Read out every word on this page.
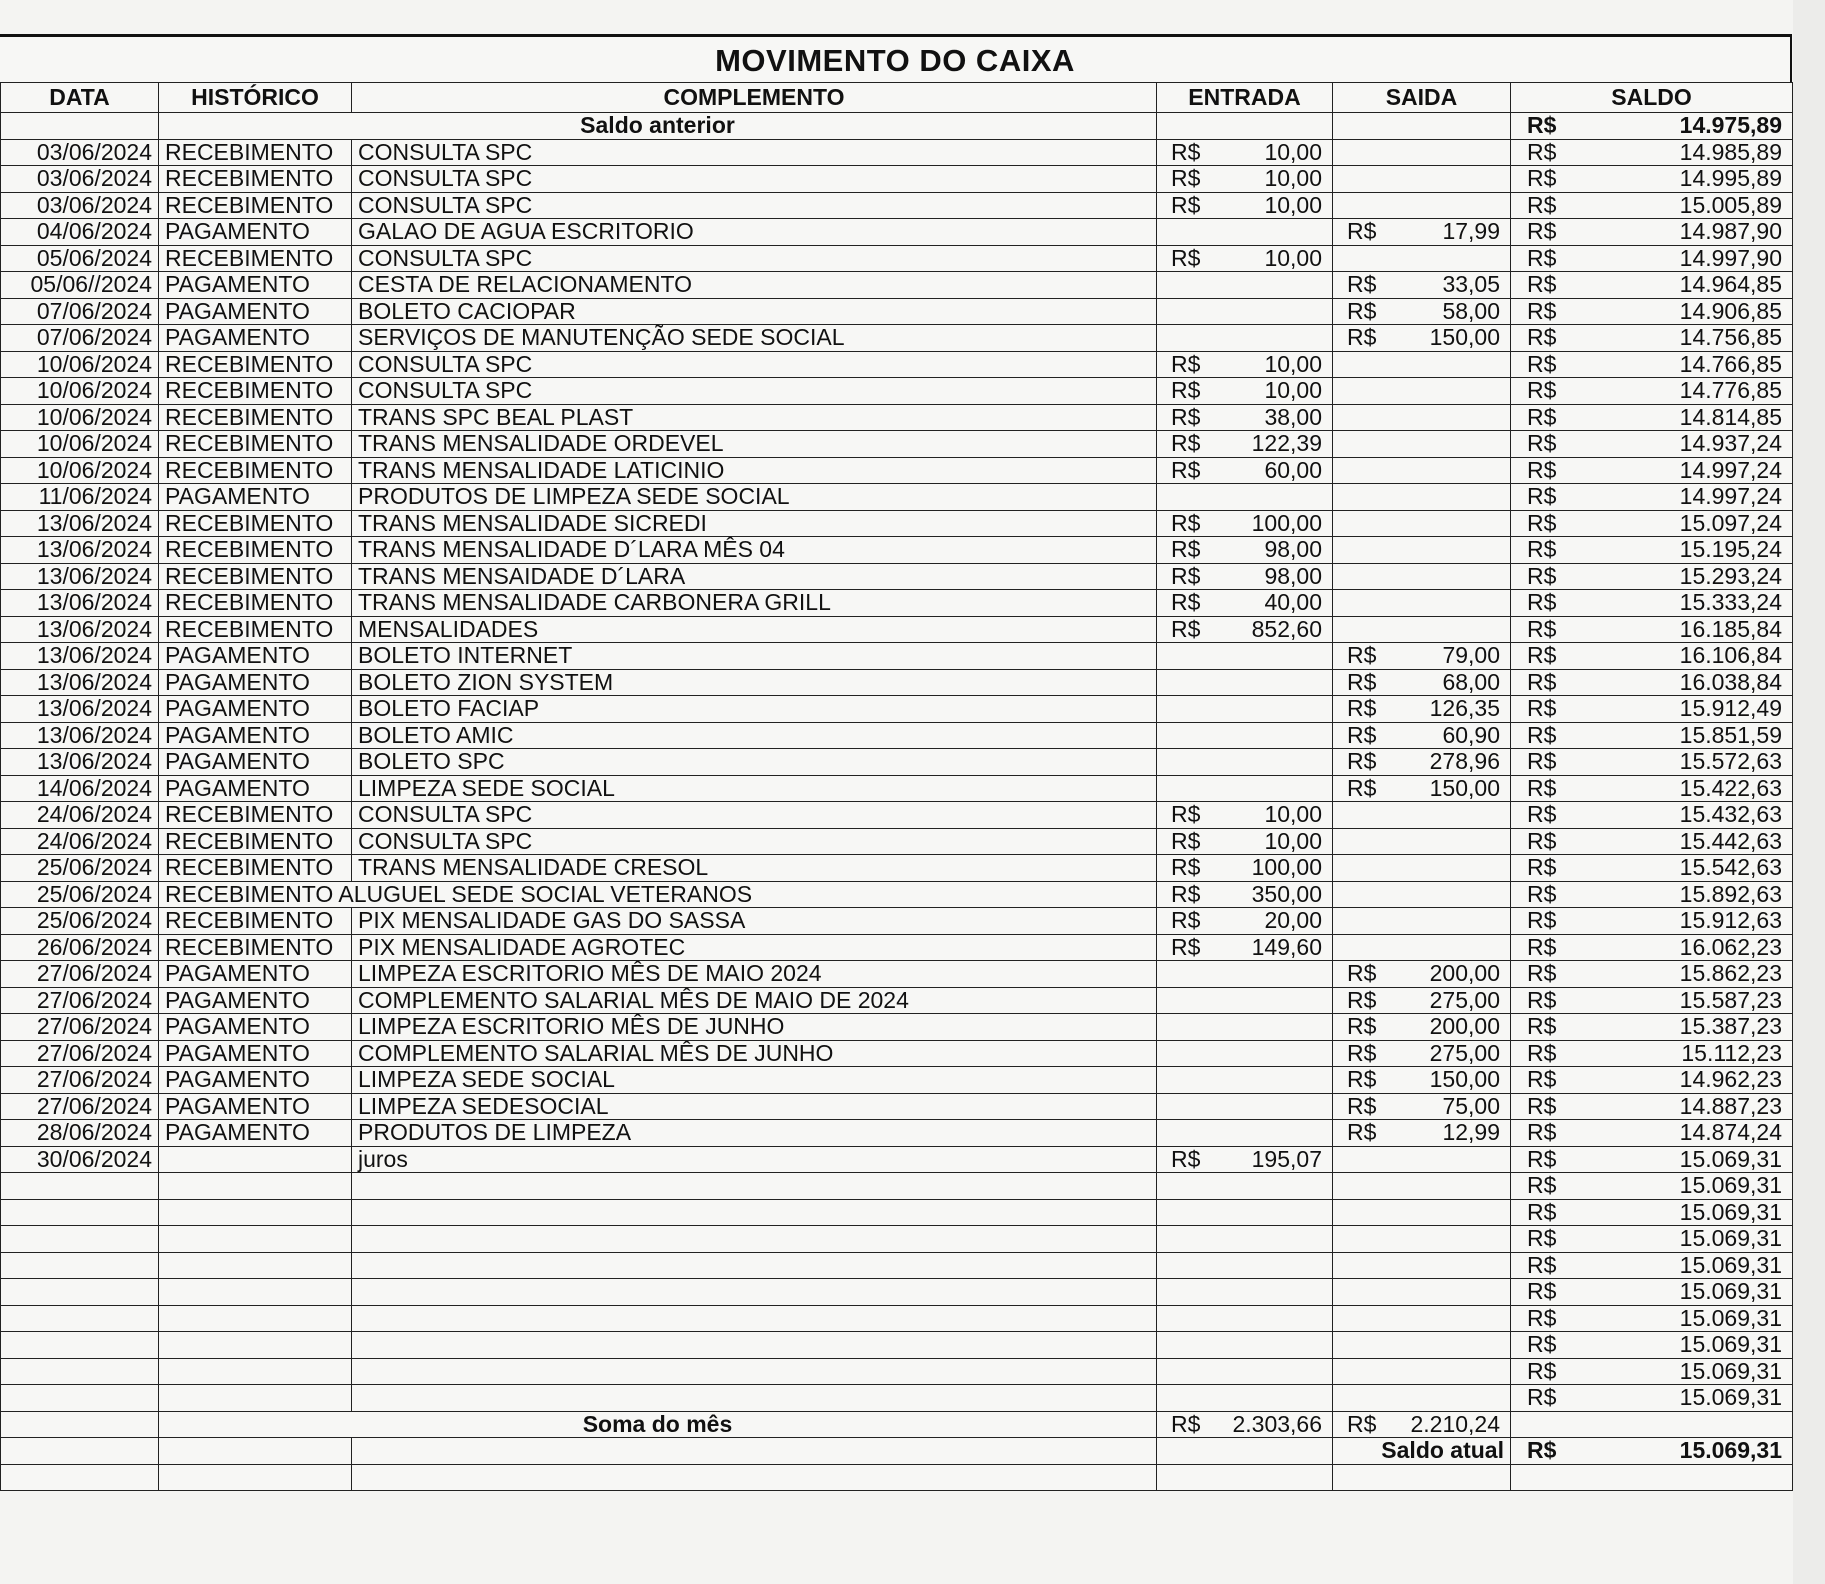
MOVIMENTO DO CAIXA
DATA	HISTÓRICO	COMPLEMENTO	ENTRADA	SAIDA	SALDO
	Saldo anterior				R$ 14.975,89

03/06/2024	RECEBIMENTO	CONSULTA SPC	R$ 10,00		R$ 14.985,89

03/06/2024	RECEBIMENTO	CONSULTA SPC	R$ 10,00		R$ 14.995,89

03/06/2024	RECEBIMENTO	CONSULTA SPC	R$ 10,00		R$ 15.005,89

04/06/2024	PAGAMENTO	GALAO DE AGUA ESCRITORIO		R$ 17,99	R$ 14.987,90

05/06/2024	RECEBIMENTO	CONSULTA SPC	R$ 10,00		R$ 14.997,90

05/06//2024	PAGAMENTO	CESTA DE RELACIONAMENTO		R$ 33,05	R$ 14.964,85

07/06/2024	PAGAMENTO	BOLETO CACIOPAR		R$ 58,00	R$ 14.906,85

07/06/2024	PAGAMENTO	SERVIÇOS DE MANUTENÇÃO SEDE SOCIAL		R$ 150,00	R$ 14.756,85

10/06/2024	RECEBIMENTO	CONSULTA SPC	R$ 10,00		R$ 14.766,85

10/06/2024	RECEBIMENTO	CONSULTA SPC	R$ 10,00		R$ 14.776,85

10/06/2024	RECEBIMENTO	TRANS SPC BEAL PLAST	R$ 38,00		R$ 14.814,85

10/06/2024	RECEBIMENTO	TRANS MENSALIDADE ORDEVEL	R$ 122,39		R$ 14.937,24

10/06/2024	RECEBIMENTO	TRANS MENSALIDADE LATICINIO	R$ 60,00		R$ 14.997,24

11/06/2024	PAGAMENTO	PRODUTOS DE LIMPEZA SEDE SOCIAL			R$ 14.997,24

13/06/2024	RECEBIMENTO	TRANS MENSALIDADE SICREDI	R$ 100,00		R$ 15.097,24

13/06/2024	RECEBIMENTO	TRANS MENSALIDADE D´LARA MÊS 04	R$ 98,00		R$ 15.195,24

13/06/2024	RECEBIMENTO	TRANS MENSAIDADE D´LARA	R$ 98,00		R$ 15.293,24

13/06/2024	RECEBIMENTO	TRANS MENSALIDADE CARBONERA GRILL	R$ 40,00		R$ 15.333,24

13/06/2024	RECEBIMENTO	MENSALIDADES	R$ 852,60		R$ 16.185,84

13/06/2024	PAGAMENTO	BOLETO INTERNET		R$ 79,00	R$ 16.106,84

13/06/2024	PAGAMENTO	BOLETO ZION SYSTEM		R$ 68,00	R$ 16.038,84

13/06/2024	PAGAMENTO	BOLETO FACIAP		R$ 126,35	R$ 15.912,49

13/06/2024	PAGAMENTO	BOLETO AMIC		R$ 60,90	R$ 15.851,59

13/06/2024	PAGAMENTO	BOLETO SPC		R$ 278,96	R$ 15.572,63

14/06/2024	PAGAMENTO	LIMPEZA SEDE SOCIAL		R$ 150,00	R$ 15.422,63

24/06/2024	RECEBIMENTO	CONSULTA SPC	R$ 10,00		R$ 15.432,63

24/06/2024	RECEBIMENTO	CONSULTA SPC	R$ 10,00		R$ 15.442,63

25/06/2024	RECEBIMENTO	TRANS MENSALIDADE CRESOL	R$ 100,00		R$ 15.542,63

25/06/2024	RECEBIMENTO ALUGUEL SEDE SOCIAL VETERANOS		R$ 350,00		R$ 15.892,63

25/06/2024	RECEBIMENTO	PIX MENSALIDADE GAS DO SASSA	R$ 20,00		R$ 15.912,63

26/06/2024	RECEBIMENTO	PIX MENSALIDADE AGROTEC	R$ 149,60		R$ 16.062,23

27/06/2024	PAGAMENTO	LIMPEZA ESCRITORIO MÊS DE MAIO 2024		R$ 200,00	R$ 15.862,23

27/06/2024	PAGAMENTO	COMPLEMENTO SALARIAL MÊS DE MAIO DE 2024		R$ 275,00	R$ 15.587,23

27/06/2024	PAGAMENTO	LIMPEZA ESCRITORIO MÊS DE JUNHO		R$ 200,00	R$ 15.387,23

27/06/2024	PAGAMENTO	COMPLEMENTO SALARIAL MÊS DE JUNHO		R$ 275,00	R$ 15.112,23

27/06/2024	PAGAMENTO	LIMPEZA SEDE SOCIAL		R$ 150,00	R$ 14.962,23

27/06/2024	PAGAMENTO	LIMPEZA SEDESOCIAL		R$ 75,00	R$ 14.887,23

28/06/2024	PAGAMENTO	PRODUTOS DE LIMPEZA		R$ 12,99	R$ 14.874,24

30/06/2024		juros	R$ 195,07		R$ 15.069,31

					R$ 15.069,31

					R$ 15.069,31

					R$ 15.069,31

					R$ 15.069,31

					R$ 15.069,31

					R$ 15.069,31

					R$ 15.069,31

					R$ 15.069,31

					R$ 15.069,31

	Soma do mês		R$ 2.303,66	R$ 2.210,24	

				Saldo atual	R$ 15.069,31
